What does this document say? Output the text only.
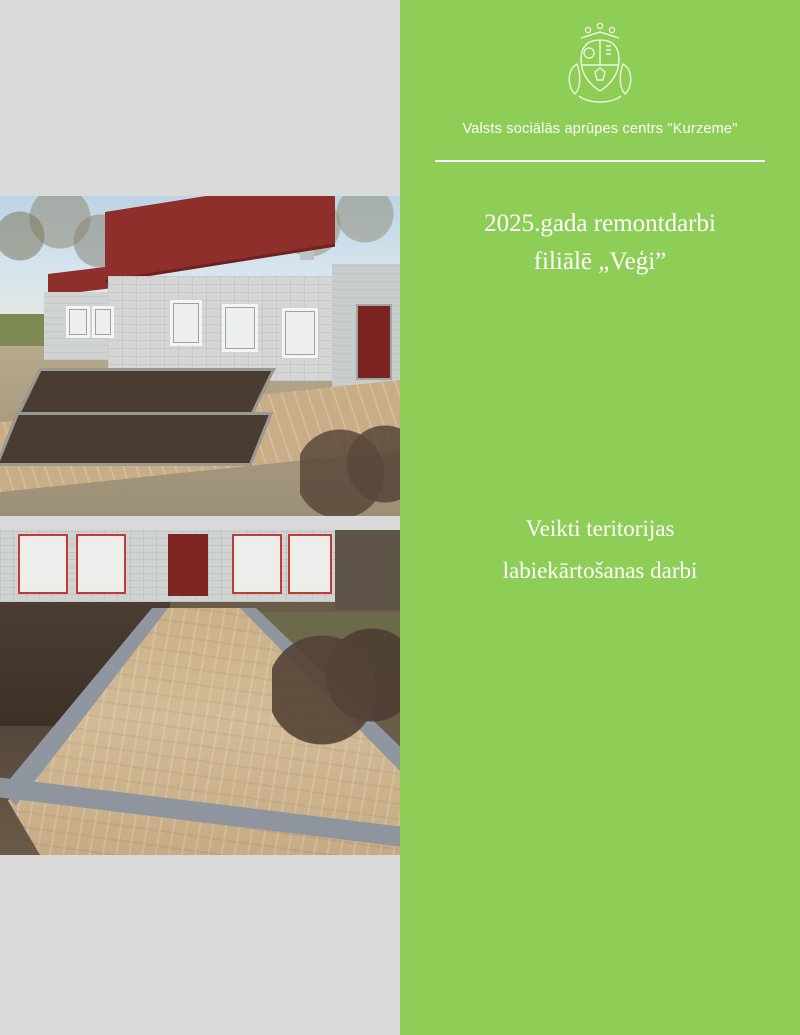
Valsts sociālās aprūpes centrs "Kurzeme"
2025.gada remontdarbi
filiālē „Veģi”
Veikti teritorijas
labiekārtošanas darbi
